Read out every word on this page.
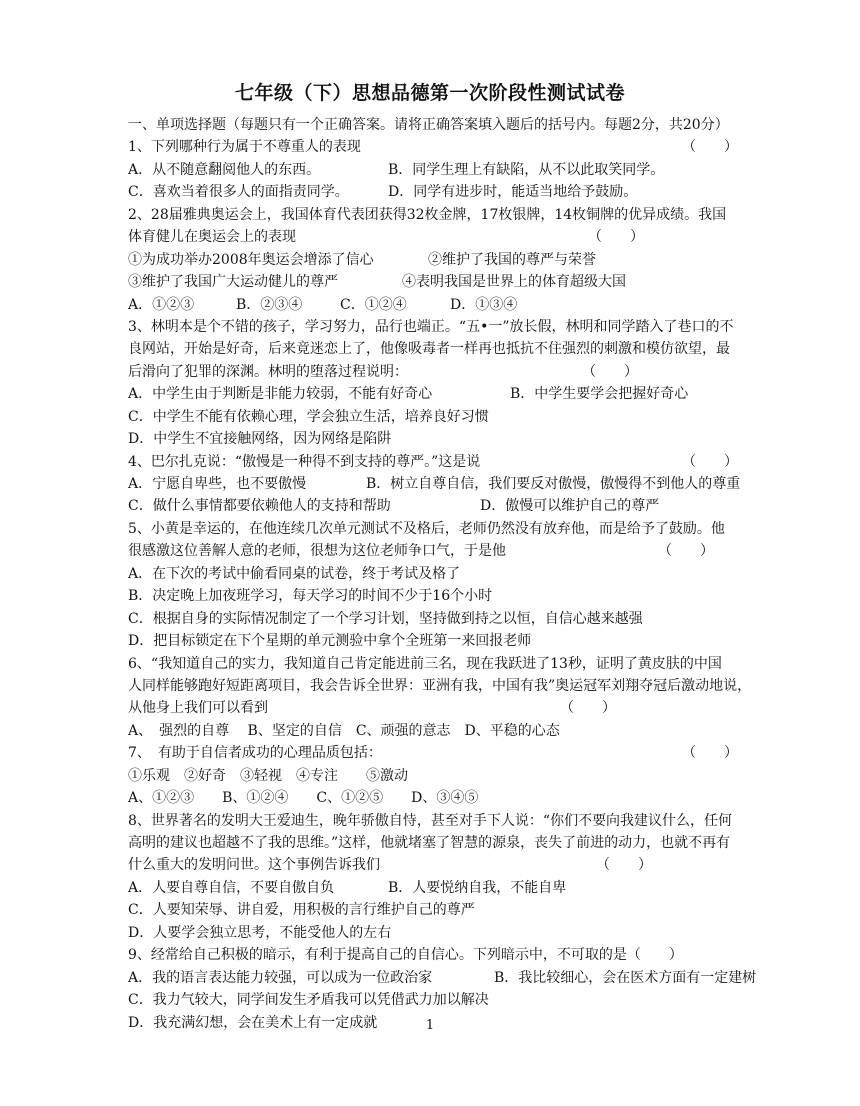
七年级（下）思想品德第一次阶段性测试试卷
一、单项选择题（每题只有一个正确答案。请将正确答案填入题后的括号内。每题2分，共20分）
1、下列哪种行为属于不尊重人的表现	（　　）
A．从不随意翻阅他人的东西。	B．同学生理上有缺陷，从不以此取笑同学。
C．喜欢当着很多人的面指责同学。	D．同学有进步时，能适当地给予鼓励。
2、28届雅典奥运会上，我国体育代表团获得32枚金牌，17枚银牌，14枚铜牌的优异成绩。我国
体育健儿在奥运会上的表现	（　　）
①为成功举办2008年奥运会增添了信心	②维护了我国的尊严与荣誉
③维护了我国广大运动健儿的尊严	④表明我国是世界上的体育超级大国
A．①②③	B．②③④	C．①②④	D．①③④
3、林明本是个不错的孩子，学习努力，品行也端正。“五•一”放长假，林明和同学踏入了巷口的不
良网站，开始是好奇，后来竟迷恋上了，他像吸毒者一样再也抵抗不住强烈的刺激和模仿欲望，最
后滑向了犯罪的深渊。林明的堕落过程说明：	（　　）
A．中学生由于判断是非能力较弱，不能有好奇心	B．中学生要学会把握好奇心
C．中学生不能有依赖心理，学会独立生活，培养良好习惯
D．中学生不宜接触网络，因为网络是陷阱
4、巴尔扎克说：“傲慢是一种得不到支持的尊严。”这是说	（　　）
A．宁愿自卑些，也不要傲慢	B．树立自尊自信，我们要反对傲慢，傲慢得不到他人的尊重
C．做什么事情都要依赖他人的支持和帮助	D．傲慢可以维护自己的尊严
5、小黄是幸运的，在他连续几次单元测试不及格后，老师仍然没有放弃他，而是给予了鼓励。他
很感激这位善解人意的老师，很想为这位老师争口气，于是他	（　　）
A．在下次的考试中偷看同桌的试卷，终于考试及格了
B．决定晚上加夜班学习，每天学习的时间不少于16个小时
C．根据自身的实际情况制定了一个学习计划，坚持做到持之以恒，自信心越来越强
D．把目标锁定在下个星期的单元测验中拿个全班第一来回报老师
6、“我知道自己的实力，我知道自己肯定能进前三名，现在我跃进了13秒，证明了黄皮肤的中国
人同样能够跑好短距离项目，我会告诉全世界：亚洲有我，中国有我”奥运冠军刘翔夺冠后激动地说，
从他身上我们可以看到	（　　）
A、　强烈的自尊　 B、坚定的自信　C、顽强的意志　D、平稳的心态
7、　有助于自信者成功的心理品质包括：	（　　）
①乐观　②好奇　③轻视　④专注　　⑤激动
A、①②③　　B、①②④　　C、①②⑤　　D、③④⑤
8、世界著名的发明大王爱迪生，晚年骄傲自恃，甚至对手下人说：“你们不要向我建议什么，任何
高明的建议也超越不了我的思维。”这样，他就堵塞了智慧的源泉，丧失了前进的动力，也就不再有
什么重大的发明问世。这个事例告诉我们	（　　）
A．人要自尊自信，不要自傲自负	B．人要悦纳自我，不能自卑
C．人要知荣辱、讲自爱，用积极的言行维护自己的尊严
D．人要学会独立思考，不能受他人的左右
9、经常给自己积极的暗示，有利于提高自己的自信心。下列暗示中，不可取的是（　　）
A．我的语言表达能力较强，可以成为一位政治家	B．我比较细心，会在医术方面有一定建树
C．我力气较大，同学间发生矛盾我可以凭借武力加以解决
D．我充满幻想，会在美术上有一定成就	1
